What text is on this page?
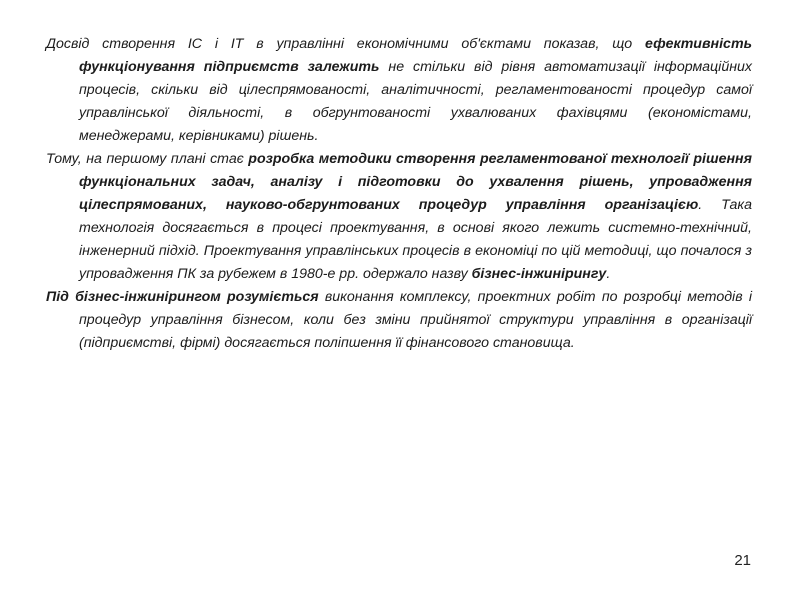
Досвід створення ІС і ІТ в управлінні економічними об'єктами показав, що ефективність функціонування підприємств залежить не стільки від рівня автоматизації інформаційних процесів, скільки від цілеспрямованості, аналітичності, регламентованості процедур самої управлінської діяльності, в обгрунтованості ухвалюваних фахівцями (економістами, менеджерами, керівниками) рішень.

Тому, на першому плані стає розробка методики створення регламентованої технології рішення функціональних задач, аналізу і підготовки до ухвалення рішень, упровадження цілеспрямованих, науково-обгрунтованих процедур управління організацією. Така технологія досягається в процесі проектування, в основі якого лежить системно-технічний, інженерний підхід. Проектування управлінських процесів в економіці по цій методиці, що почалося з упровадження ПК за рубежем в 1980-е рр. одержало назву бізнес-інжинірингу.

Під бізнес-інжинірингом розуміється виконання комплексу, проектних робіт по розробці методів і процедур управління бізнесом, коли без зміни прийнятої структури управління в організації (підприємстві, фірмі) досягається поліпшення її фінансового становища.

21
